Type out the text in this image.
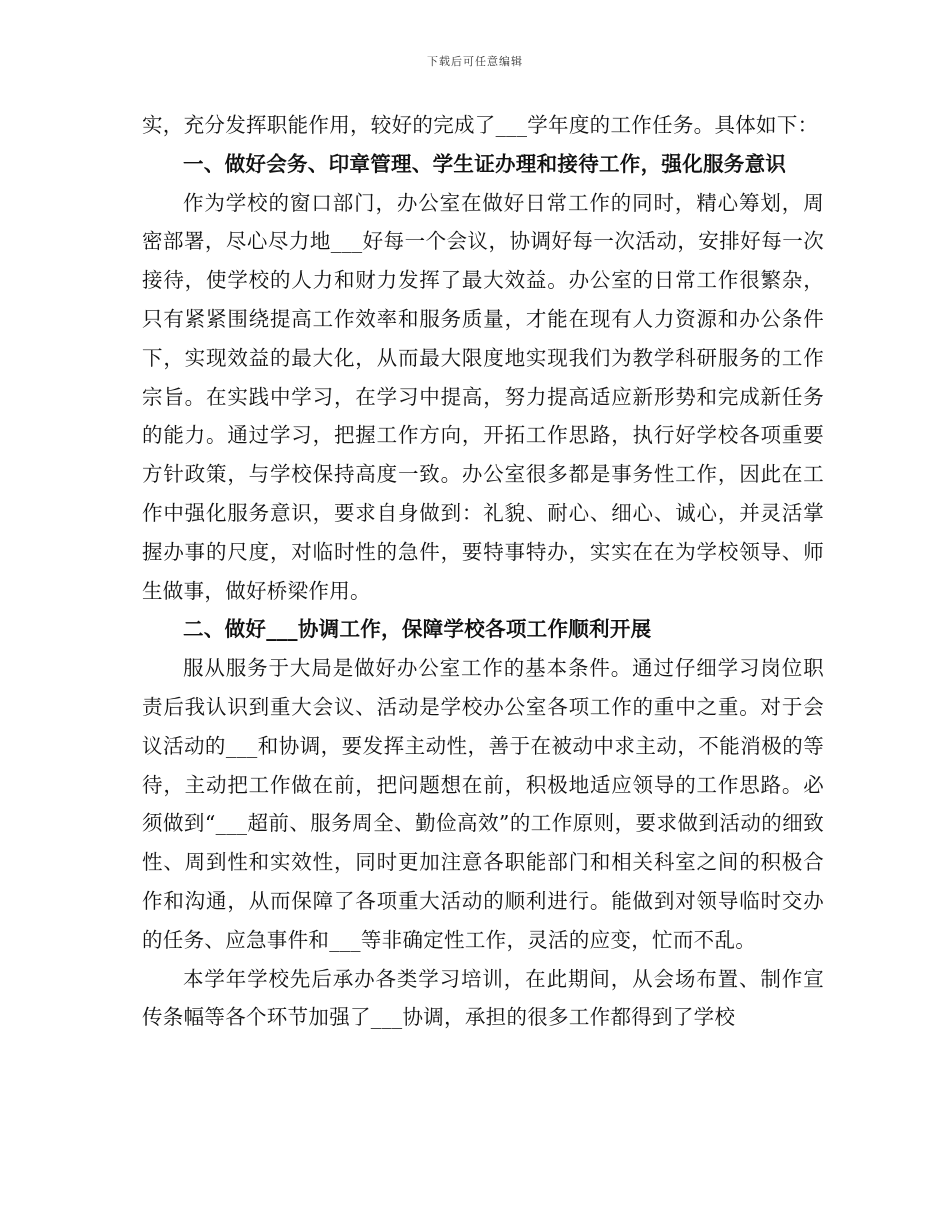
下载后可任意编辑

实，充分发挥职能作用，较好的完成了___学年度的工作任务。具体如下：

一、做好会务、印章管理、学生证办理和接待工作，强化服务意识

作为学校的窗口部门，办公室在做好日常工作的同时，精心筹划，周密部署，尽心尽力地___好每一个会议，协调好每一次活动，安排好每一次接待，使学校的人力和财力发挥了最大效益。办公室的日常工作很繁杂，只有紧紧围绕提高工作效率和服务质量，才能在现有人力资源和办公条件下，实现效益的最大化，从而最大限度地实现我们为教学科研服务的工作宗旨。在实践中学习，在学习中提高，努力提高适应新形势和完成新任务的能力。通过学习，把握工作方向，开拓工作思路，执行好学校各项重要方针政策，与学校保持高度一致。办公室很多都是事务性工作，因此在工作中强化服务意识，要求自身做到：礼貌、耐心、细心、诚心，并灵活掌握办事的尺度，对临时性的急件，要特事特办，实实在在为学校领导、师生做事，做好桥梁作用。

二、做好___协调工作，保障学校各项工作顺利开展

服从服务于大局是做好办公室工作的基本条件。通过仔细学习岗位职责后我认识到重大会议、活动是学校办公室各项工作的重中之重。对于会议活动的___和协调，要发挥主动性，善于在被动中求主动，不能消极的等待，主动把工作做在前，把问题想在前，积极地适应领导的工作思路。必须做到“___超前、服务周全、勤俭高效”的工作原则，要求做到活动的细致性、周到性和实效性，同时更加注意各职能部门和相关科室之间的积极合作和沟通，从而保障了各项重大活动的顺利进行。能做到对领导临时交办的任务、应急事件和___等非确定性工作，灵活的应变，忙而不乱。

本学年学校先后承办各类学习培训，在此期间，从会场布置、制作宣传条幅等各个环节加强了___协调，承担的很多工作都得到了学校
